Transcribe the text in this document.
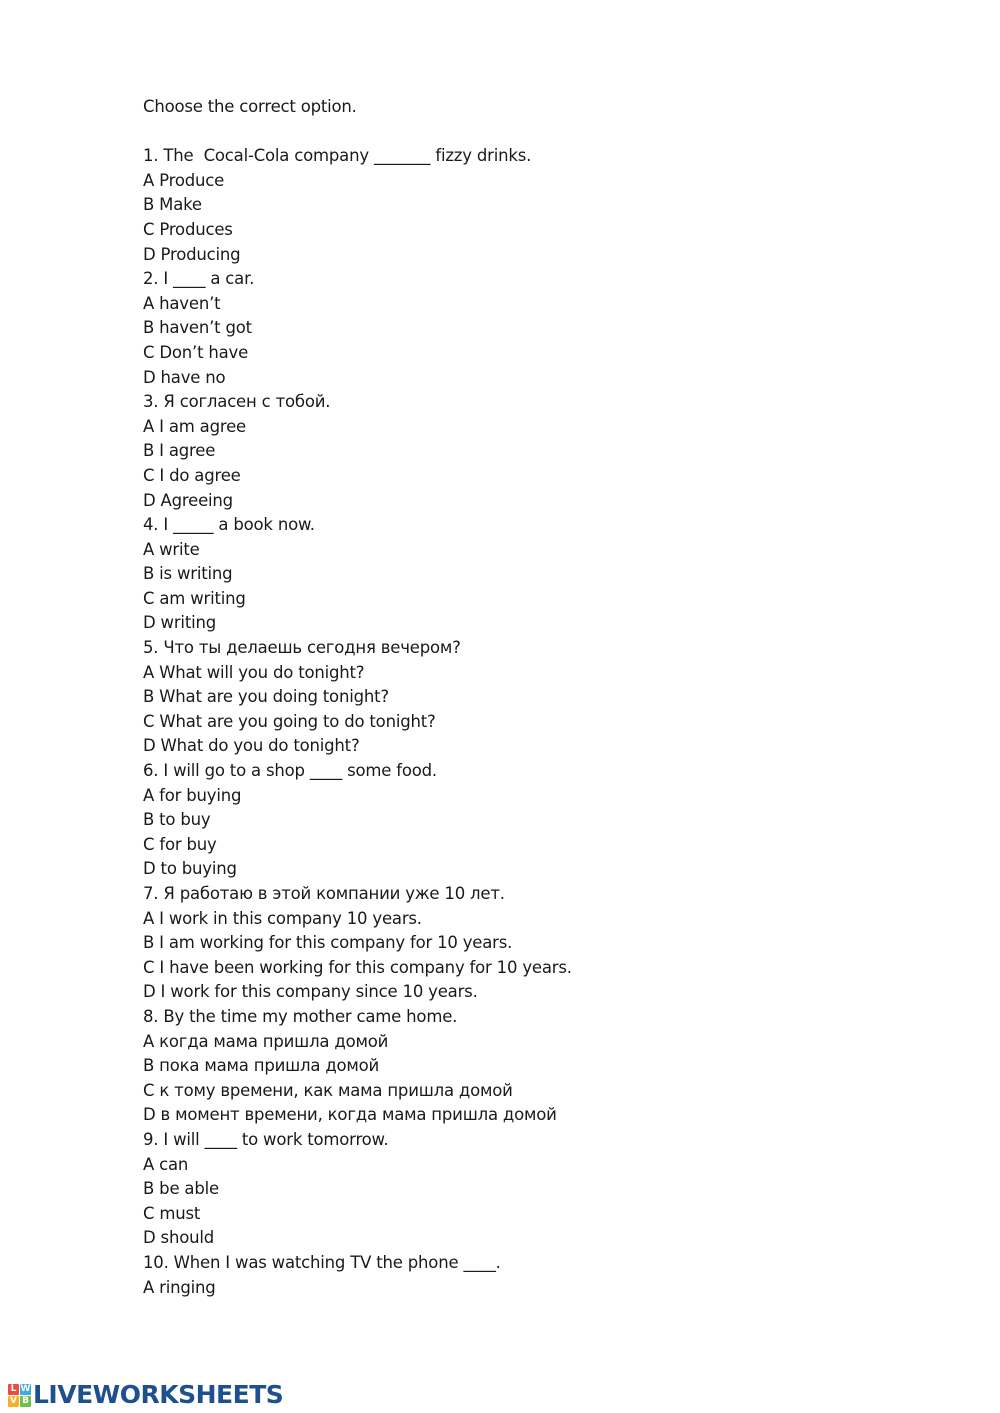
Choose the correct option.

1. The  Cocal-Cola company _______ fizzy drinks.

A Produce

B Make

C Produces

D Producing

2. I ____ a car.

A haven’t

B haven’t got

C Don’t have

D have no

3. Я согласен с тобой.

A I am agree

B I agree

C I do agree

D Agreeing

4. I _____ a book now.

A write

B is writing

C am writing

D writing

5. Что ты делаешь сегодня вечером?

A What will you do tonight?

B What are you doing tonight?

C What are you going to do tonight?

D What do you do tonight?

6. I will go to a shop ____ some food.

A for buying

B to buy

C for buy

D to buying

7. Я работаю в этой компании уже 10 лет.

A I work in this company 10 years.

B I am working for this company for 10 years.

C I have been working for this company for 10 years.

D I work for this company since 10 years.

8. By the time my mother came home.

A когда мама пришла домой

B пока мама пришла домой

C к тому времени, как мама пришла домой

D в момент времени, когда мама пришла домой

9. I will ____ to work tomorrow.

A can

B be able

C must

D should

10. When I was watching TV the phone ____.

A ringing

L W
V B LIVEWORKSHEETS
